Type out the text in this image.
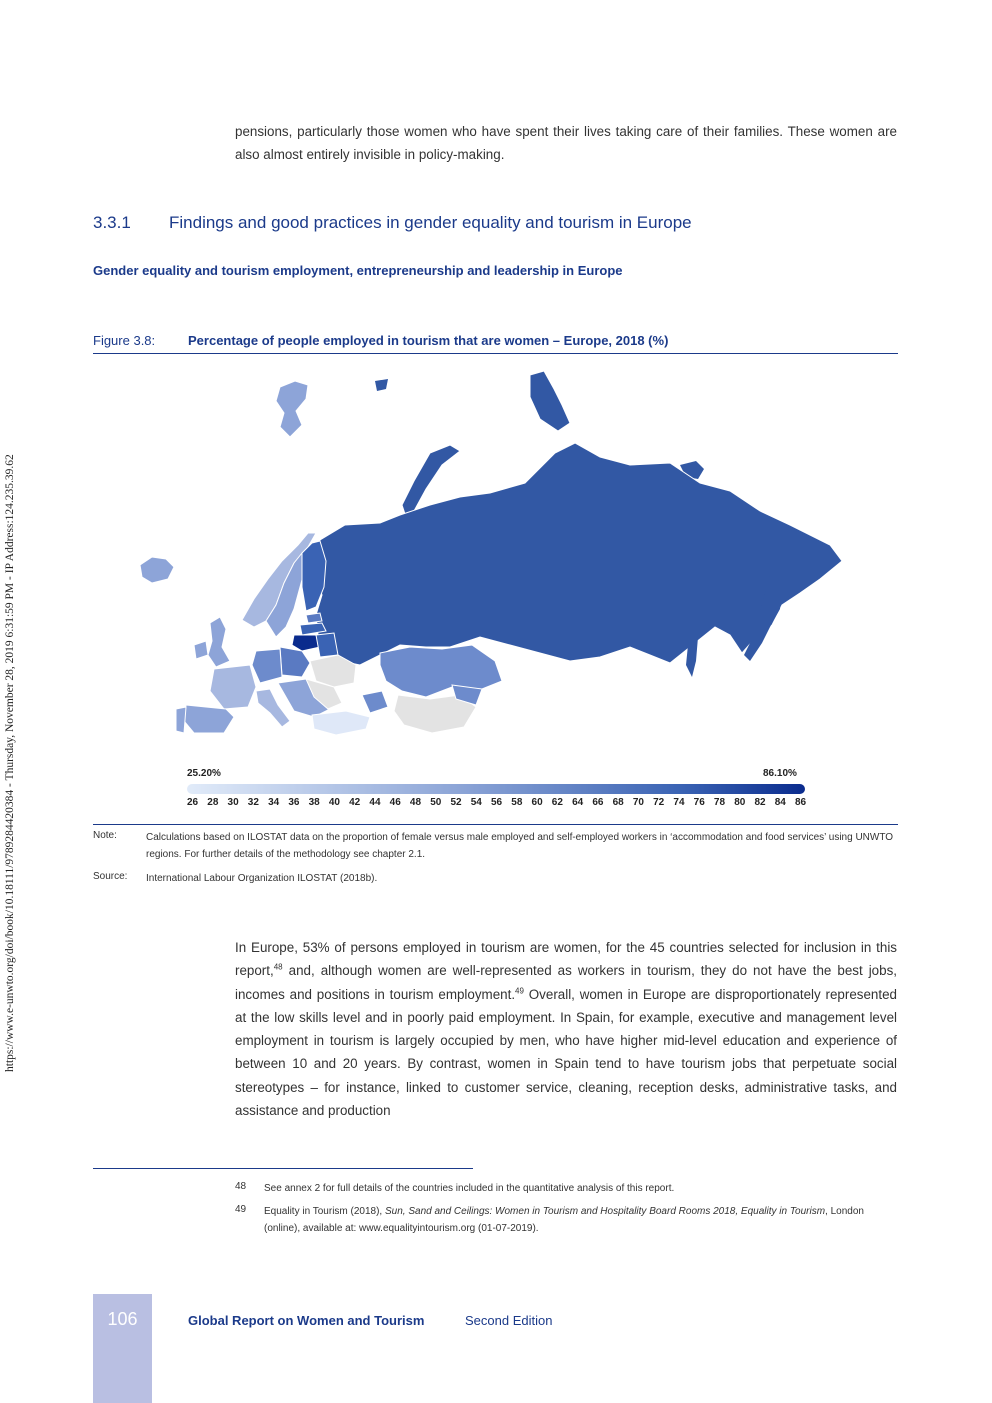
https://www.e-unwto.org/doi/book/10.18111/9789284420384 - Thursday, November 28, 2019 6:31:59 PM - IP Address:124.235.39.62
pensions, particularly those women who have spent their lives taking care of their families. These women are also almost entirely invisible in policy-making.
3.3.1 Findings and good practices in gender equality and tourism in Europe
Gender equality and tourism employment, entrepreneurship and leadership in Europe
Figure 3.8:	Percentage of people employed in tourism that are women – Europe, 2018 (%)
25.20%	86.10%
26 28 30 32 34 36 38 40 42 44 46 48 50 52 54 56 58 60 62 64 66 68 70 72 74 76 78 80 82 84 86
Note:	Calculations based on ILOSTAT data on the proportion of female versus male employed and self-employed workers in ‘accommodation and food services’ using UNWTO regions. For further details of the methodology see chapter 2.1.
Source: International Labour Organization ILOSTAT (2018b).
In Europe, 53% of persons employed in tourism are women, for the 45 countries selected for inclusion in this report,$^{48}$ and, although women are well-represented as workers in tourism, they do not have the best jobs, incomes and positions in tourism employment.$^{49}$ Overall, women in Europe are disproportionately represented at the low skills level and in poorly paid employment. In Spain, for example, executive and management level employment in tourism is largely occupied by men, who have higher mid-level education and experience of between 10 and 20 years. By contrast, women in Spain tend to have tourism jobs that perpetuate social stereotypes – for instance, linked to customer service, cleaning, reception desks, administrative tasks, and assistance and production
48 See annex 2 for full details of the countries included in the quantitative analysis of this report.
49 Equality in Tourism (2018), Sun, Sand and Ceilings: Women in Tourism and Hospitality Board Rooms 2018, Equality in Tourism, London (online), available at: www.equalityintourism.org (01-07-2019).
106	Global Report on Women and Tourism	Second Edition
